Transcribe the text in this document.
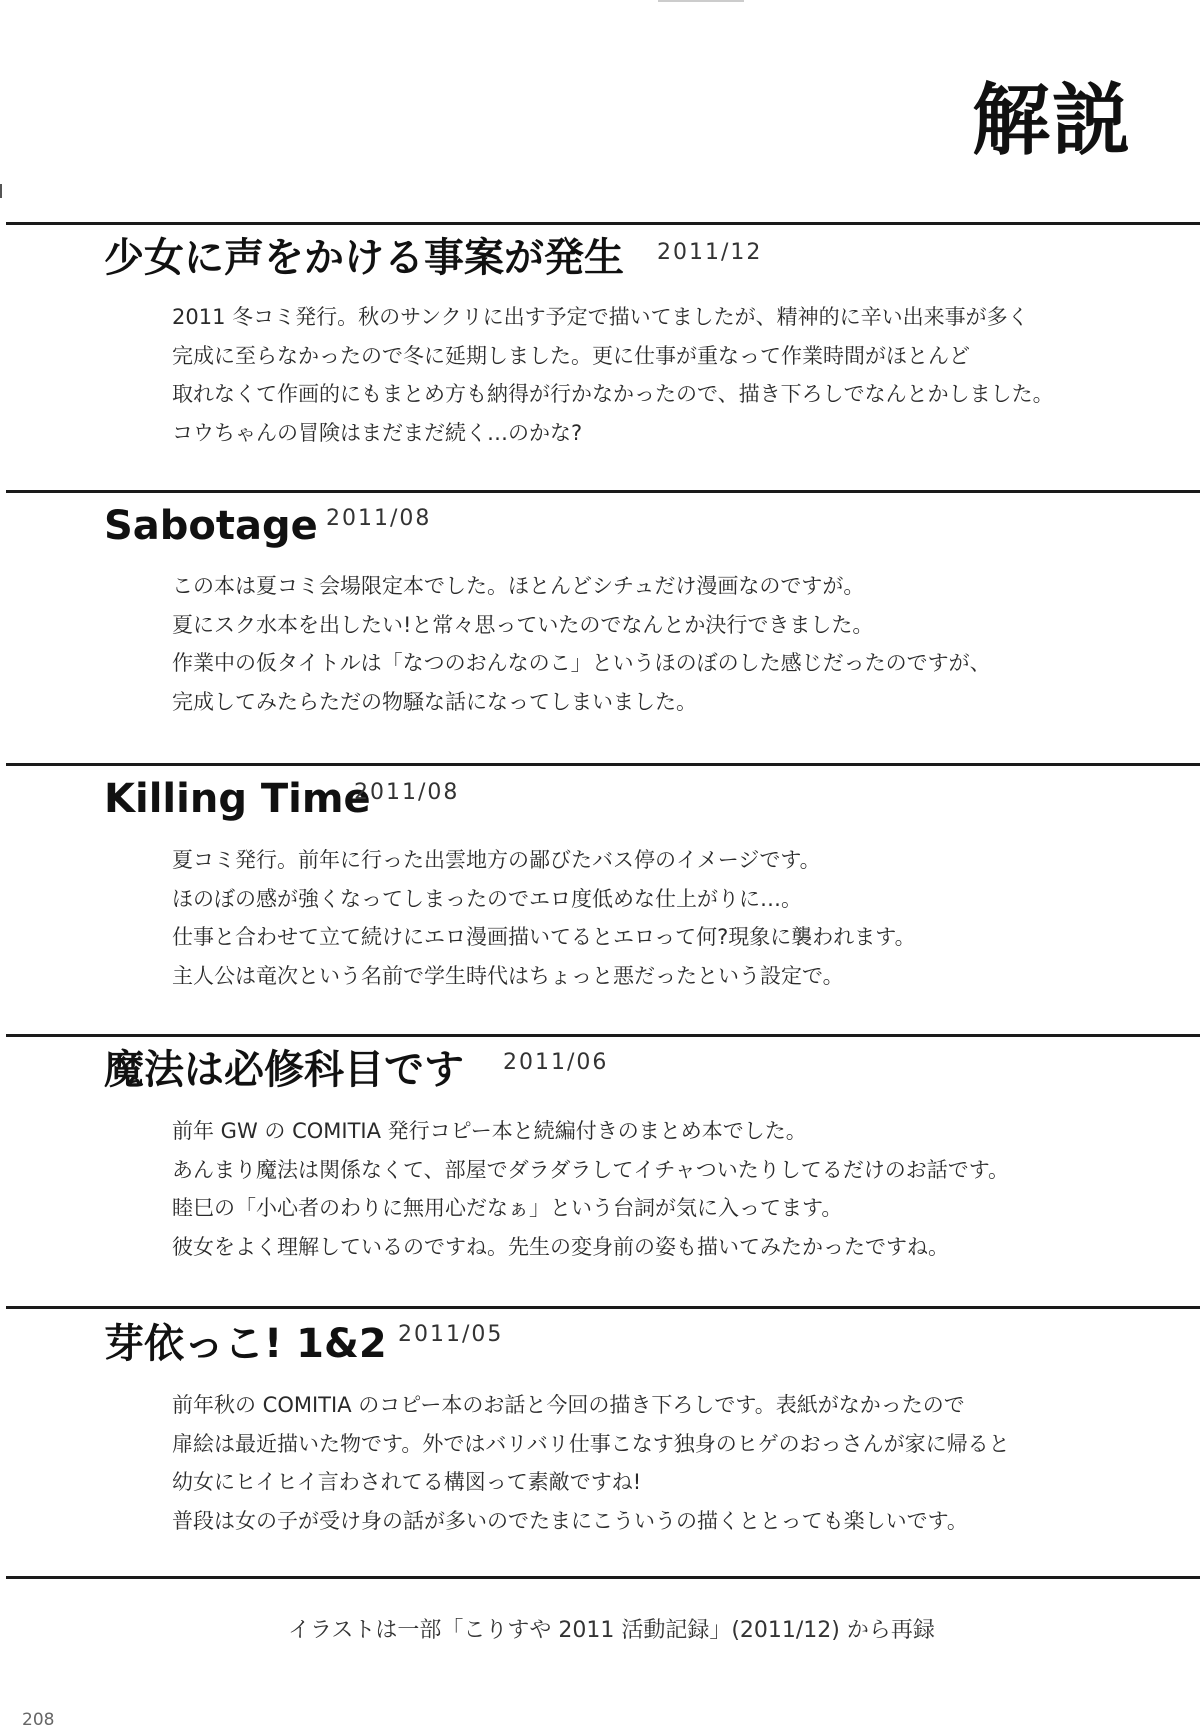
解説
少女に声をかける事案が発生 2011/12
2011 冬コミ発行。秋のサンクリに出す予定で描いてましたが、精神的に辛い出来事が多く
完成に至らなかったので冬に延期しました。更に仕事が重なって作業時間がほとんど
取れなくて作画的にもまとめ方も納得が行かなかったので、描き下ろしでなんとかしました。
コウちゃんの冒険はまだまだ続く…のかな?
Sabotage 2011/08
この本は夏コミ会場限定本でした。ほとんどシチュだけ漫画なのですが。
夏にスク水本を出したい!と常々思っていたのでなんとか決行できました。
作業中の仮タイトルは「なつのおんなのこ」というほのぼのした感じだったのですが、
完成してみたらただの物騒な話になってしまいました。
Killing Time
2011/08
夏コミ発行。前年に行った出雲地方の鄙びたバス停のイメージです。
ほのぼの感が強くなってしまったのでエロ度低めな仕上がりに…。
仕事と合わせて立て続けにエロ漫画描いてるとエロって何?現象に襲われます。
主人公は竜次という名前で学生時代はちょっと悪だったという設定で。
魔法は必修科目です 2011/06
前年 GW の COMITIA 発行コピー本と続編付きのまとめ本でした。
あんまり魔法は関係なくて、部屋でダラダラしてイチャついたりしてるだけのお話です。
睦巳の「小心者のわりに無用心だなぁ」という台詞が気に入ってます。
彼女をよく理解しているのですね。先生の変身前の姿も描いてみたかったですね。
芽依っこ! 1&2 2011/05
前年秋の COMITIA のコピー本のお話と今回の描き下ろしです。表紙がなかったので
扉絵は最近描いた物です。外ではバリバリ仕事こなす独身のヒゲのおっさんが家に帰ると
幼女にヒイヒイ言わされてる構図って素敵ですね!
普段は女の子が受け身の話が多いのでたまにこういうの描くととっても楽しいです。
イラストは一部「こりすや 2011 活動記録」(2011/12) から再録
208
